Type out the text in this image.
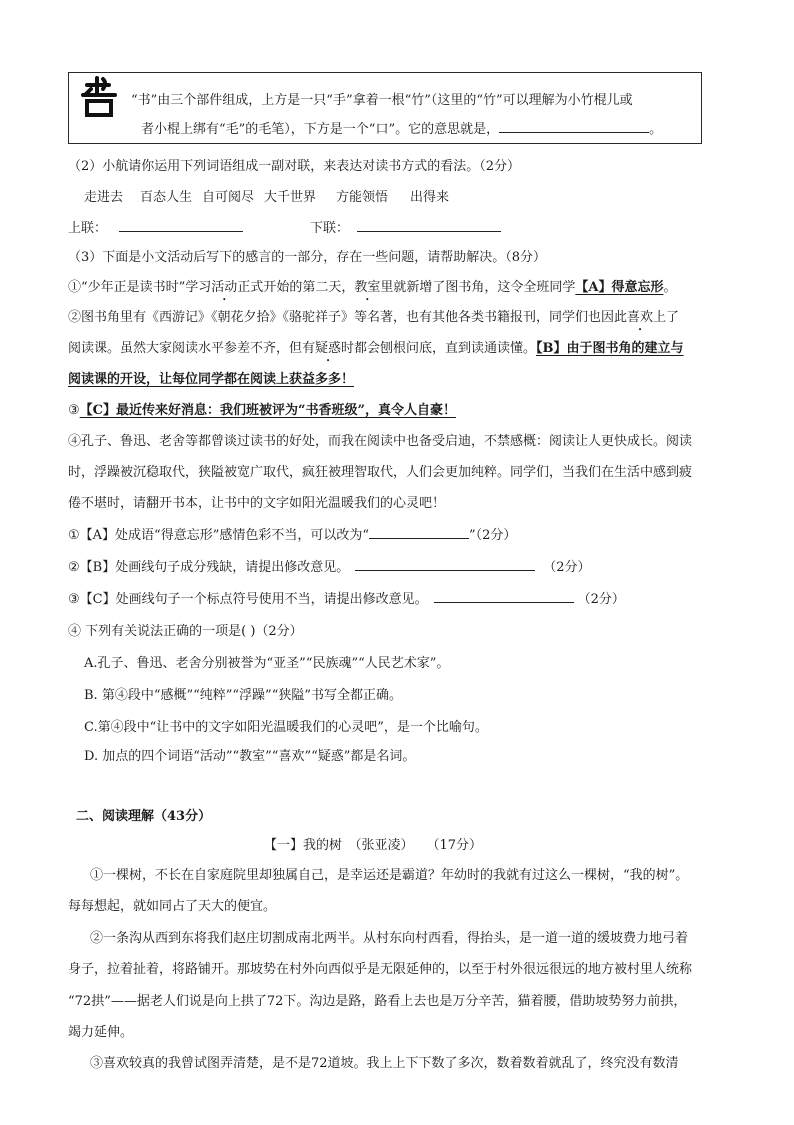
“书”由三个部件组成，上方是一只“手”拿着一根“竹”（这里的“竹”可以理解为小竹棍儿或
者小棍上绑有“毛”的毛笔），下方是一个“口”。它的意思就是，	。
（2）小航请你运用下列词语组成一副对联，来表达对读书方式的看法。（2分）
走进去 百态人生 自可阅尽 大千世界 方能领悟 出得来
上联：	下联：
（3）下面是小文活动后写下的感言的一部分，存在一些问题，请帮助解决。（8分）
①“少年正是读书时”学习活动正式开始的第二天，教室里就新增了图书角，这令全班同学【A】得意忘形。
②图书角里有《西游记》《朝花夕拾》《骆驼祥子》等名著，也有其他各类书籍报刊，同学们也因此喜欢上了
阅读课。虽然大家阅读水平参差不齐，但有疑惑时都会刨根问底，直到读通读懂。【B】由于图书角的建立与
阅读课的开设，让每位同学都在阅读上获益多多！
③【C】最近传来好消息：我们班被评为“书香班级”，真令人自豪！
④孔子、鲁迅、老舍等都曾谈过读书的好处，而我在阅读中也备受启迪，不禁感概：阅读让人更快成长。阅读
时，浮躁被沉稳取代，狭隘被宽广取代，疯狂被理智取代，人们会更加纯粹。同学们，当我们在生活中感到疲
倦不堪时，请翻开书本，让书中的文字如阳光温暖我们的心灵吧！
①【A】处成语“得意忘形”感情色彩不当，可以改为“	”（2分）
②【B】处画线句子成分残缺，请提出修改意见。	（2分）
③【C】处画线句子一个标点符号使用不当，请提出修改意见。	（2分）
④ 下列有关说法正确的一项是( )（2分）
A.孔子、鲁迅、老舍分别被誉为“亚圣”“民族魂”“人民艺术家”。
B. 第④段中“感概”“纯粹”“浮躁”“狭隘”书写全都正确。
C.第④段中“让书中的文字如阳光温暖我们的心灵吧”，是一个比喻句。
D. 加点的四个词语“活动”“教室”“喜欢”“疑惑”都是名词。
二、阅读理解（43分）
【一】我的树　（张亚凌）　　（17分）
①一棵树，不长在自家庭院里却独属自己，是幸运还是霸道？年幼时的我就有过这么一棵树，“我的树”。
每每想起，就如同占了天大的便宜。
②一条沟从西到东将我们赵庄切割成南北两半。从村东向村西看，得抬头，是一道一道的缓坡费力地弓着
身子，拉着扯着，将路铺开。那坡势在村外向西似乎是无限延伸的，以至于村外很远很远的地方被村里人统称
“72拱”——据老人们说是向上拱了72下。沟边是路，路看上去也是万分辛苦，猫着腰，借助坡势努力前拱，
竭力延伸。
③喜欢较真的我曾试图弄清楚，是不是72道坡。我上上下下数了多次，数着数着就乱了，终究没有数清
